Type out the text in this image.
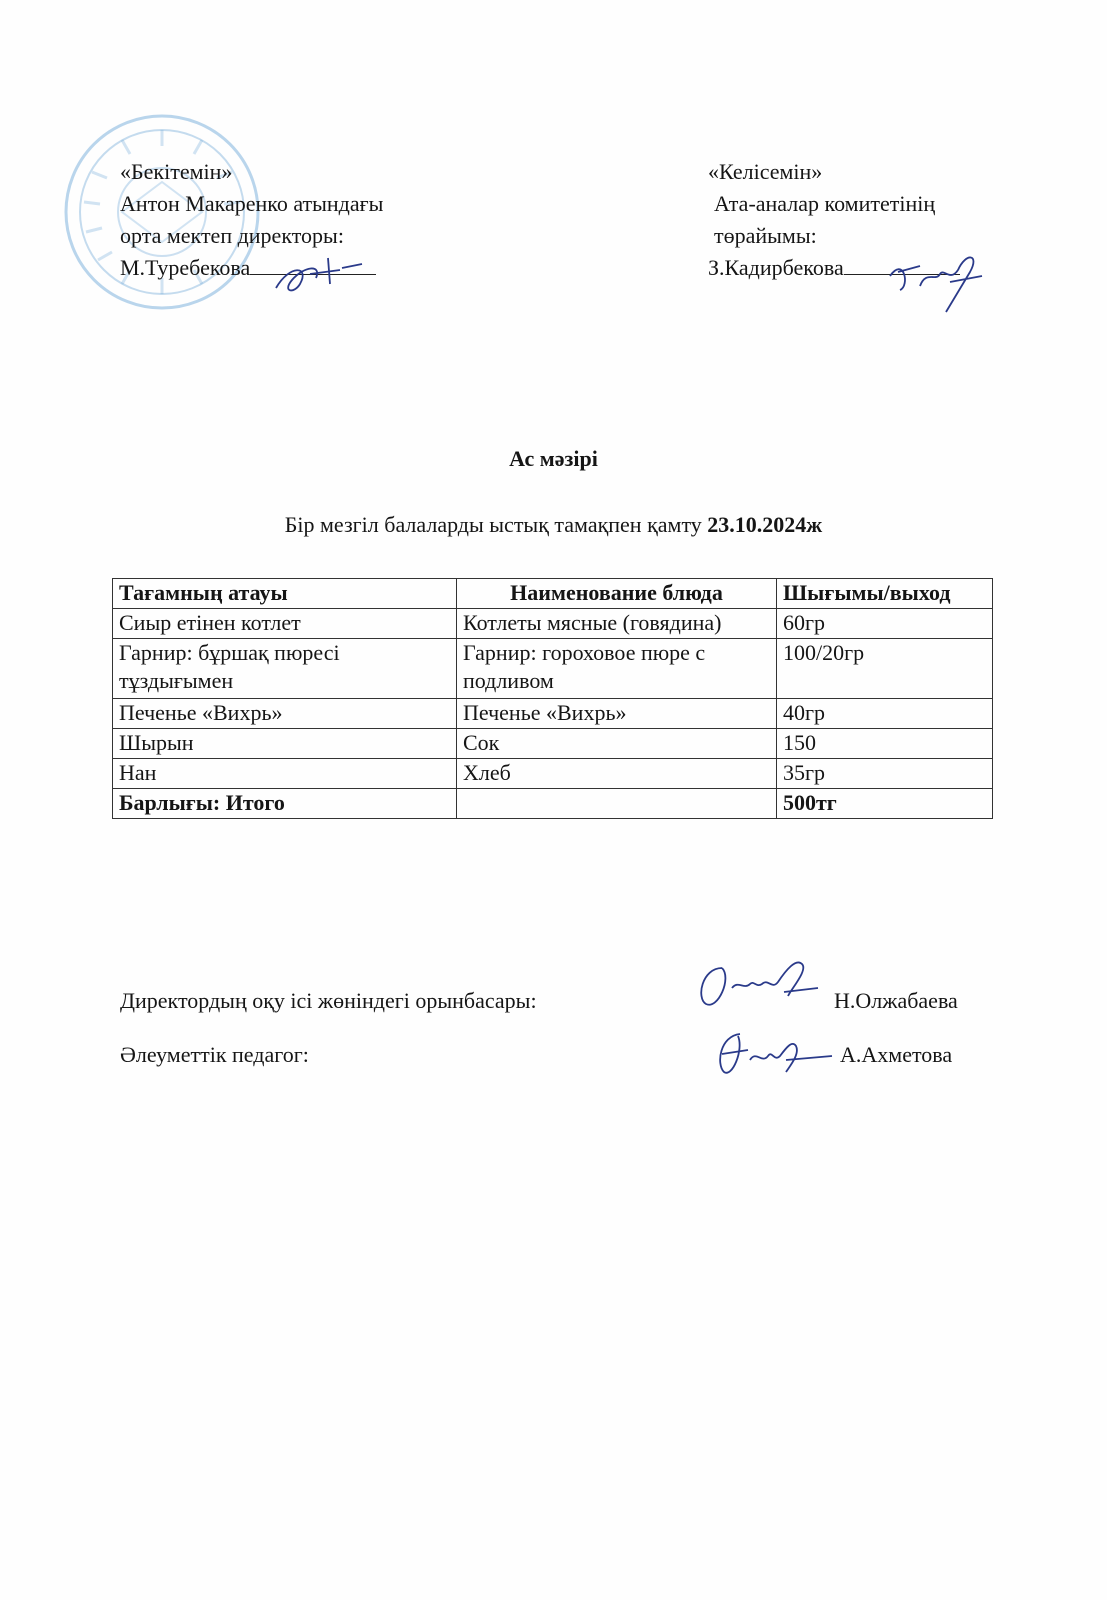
«Бекітемін»
Антон Макаренко атындағы
орта мектеп директоры:
М.Туребекова
«Келісемін»
Ата-аналар комитетінің
төрайымы:
З.Кадирбекова
Ас мәзірі
Бір мезгіл балаларды ыстық тамақпен қамту 23.10.2024ж
Тағамның атауы	Наименование блюда	Шығымы/выход
Сиыр етінен котлет	Котлеты мясные (говядина)	60гр
Гарнир: бұршақ пюресі тұздығымен	Гарнир: гороховое пюре с подливом	100/20гр
Печенье «Вихрь»	Печенье «Вихрь»	40гр
Шырын	Сок	150
Нан	Хлеб	35гр
Барлығы: Итого		500тг
Директордың оқу ісі жөніндегі орынбасары:	Н.Олжабаева
Әлеуметтік педагог:	А.Ахметова
